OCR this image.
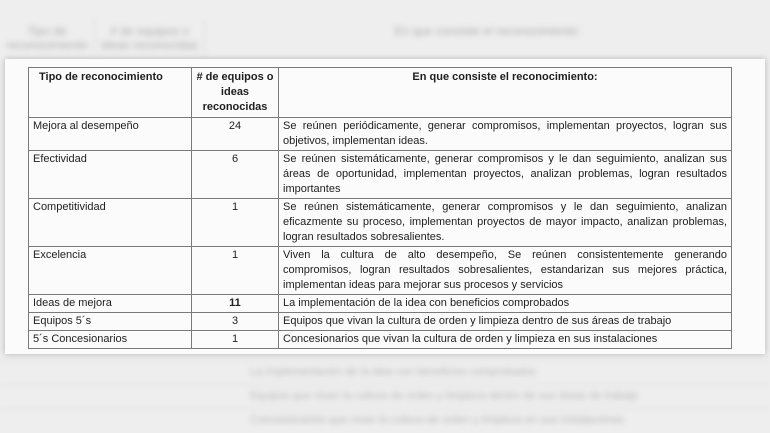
Tipo de reconocimiento
# de equipos o ideas reconocidas
En que consiste el reconocimiento:
La implementación de la idea con beneficios comprobados
Equipos que vivan la cultura de orden y limpieza dentro de sus áreas de trabajo
Concesionarios que vivan la cultura de orden y limpieza en sus instalaciones
Tipo de reconocimiento	# de equipos o ideas reconocidas	En que consiste el reconocimiento:
Mejora al desempeño	24	Se reúnen periódicamente, generar compromisos, implementan proyectos, logran sus objetivos, implementan ideas.
Efectividad	6	Se reúnen sistemáticamente, generar compromisos y le dan seguimiento, analizan sus áreas de oportunidad, implementan proyectos, analizan problemas, logran resultados importantes
Competitividad	1	Se reúnen sistemáticamente, generar compromisos y le dan seguimiento, analizan eficazmente su proceso, implementan proyectos de mayor impacto, analizan problemas, logran resultados sobresalientes.
Excelencia	1	Viven la cultura de alto desempeño, Se reúnen consistentemente generando compromisos, logran resultados sobresalientes, estandarizan sus mejores práctica, implementan ideas para mejorar sus procesos y servicios
Ideas de mejora	11	La implementación de la idea con beneficios comprobados
Equipos 5´s	3	Equipos que vivan la cultura de orden y limpieza dentro de sus áreas de trabajo
5´s Concesionarios	1	Concesionarios que vivan la cultura de orden y limpieza en sus instalaciones
